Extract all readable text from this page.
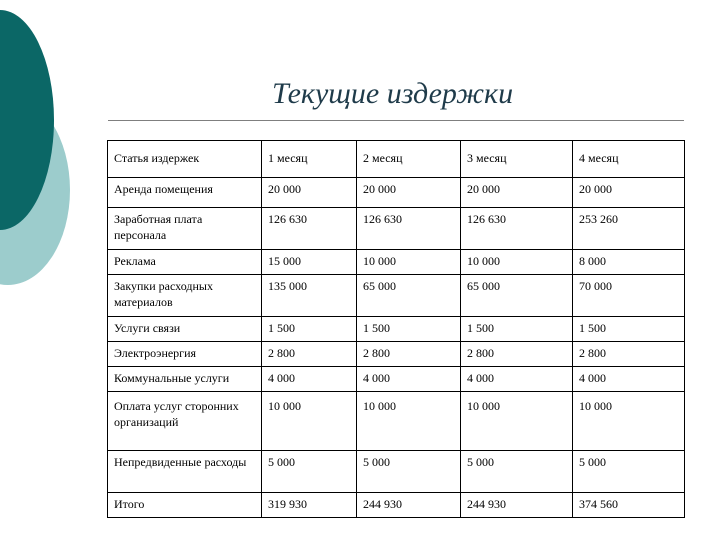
Текущие издержки
Статья издержек	1 месяц	2 месяц	3 месяц	4 месяц
Аренда помещения	20 000	20 000	20 000	20 000
Заработная плата персонала	126 630	126 630	126 630	253 260
Реклама	15 000	10 000	10 000	8 000
Закупки расходных материалов	135 000	65 000	65 000	70 000
Услуги связи	1 500	1 500	1 500	1 500
Электроэнергия	2 800	2 800	2 800	2 800
Коммунальные услуги	4 000	4 000	4 000	4 000
Оплата услуг сторонних организаций	10 000	10 000	10 000	10 000
Непредвиденные расходы	5 000	5 000	5 000	5 000
Итого	319 930	244 930	244 930	374 560
